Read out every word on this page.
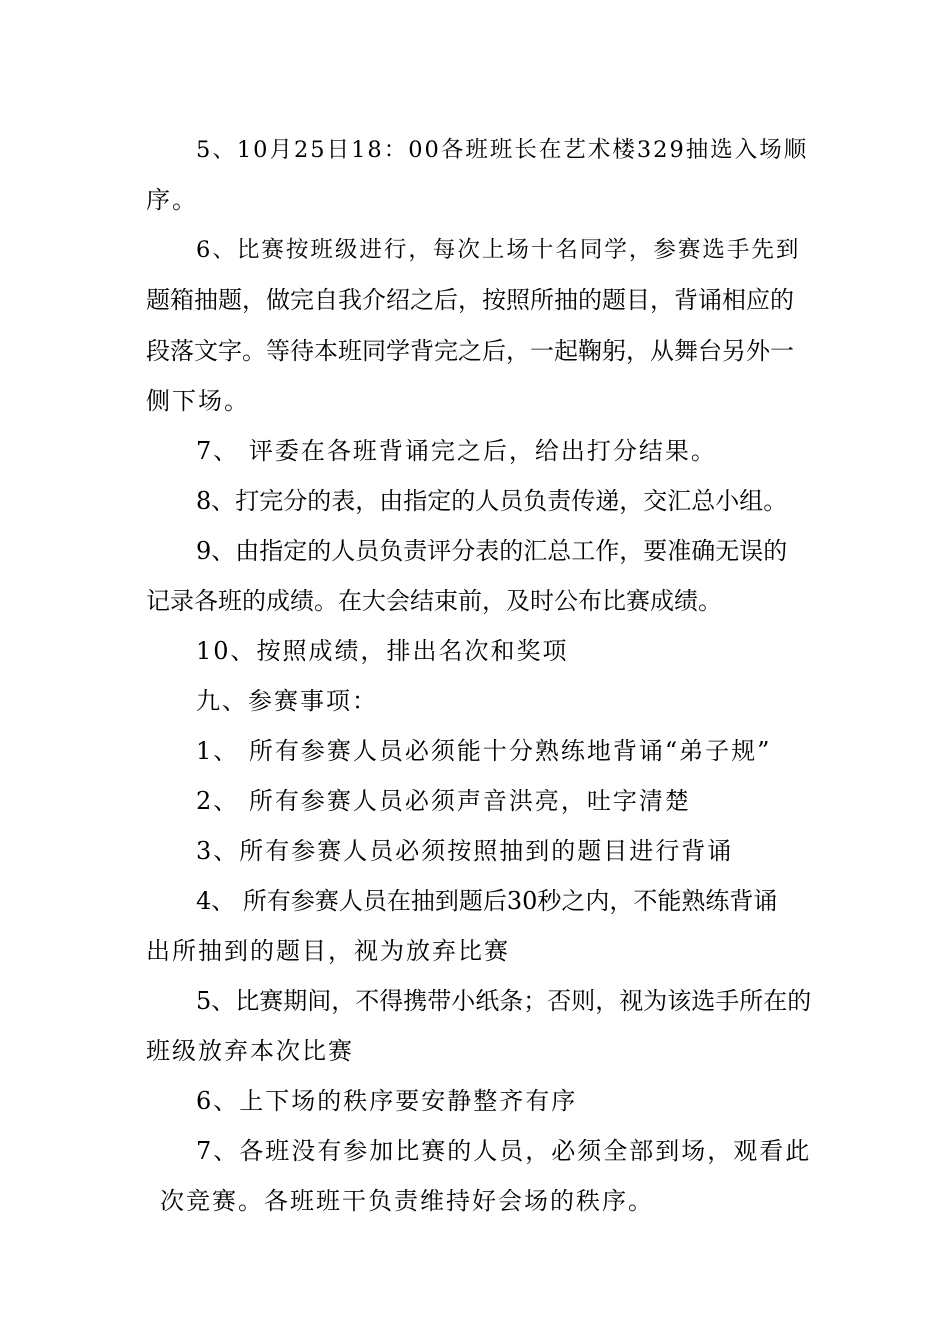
5、10月25日18：00各班班长在艺术楼329抽选入场顺
序。
6、比赛按班级进行，每次上场十名同学，参赛选手先到
题箱抽题，做完自我介绍之后，按照所抽的题目，背诵相应的
段落文字。等待本班同学背完之后，一起鞠躬，从舞台另外一
侧下场。
7、 评委在各班背诵完之后，给出打分结果。
8、打完分的表，由指定的人员负责传递，交汇总小组。
9、由指定的人员负责评分表的汇总工作，要准确无误的
记录各班的成绩。在大会结束前，及时公布比赛成绩。
10、按照成绩，排出名次和奖项
九、参赛事项：
1、 所有参赛人员必须能十分熟练地背诵“弟子规”
2、 所有参赛人员必须声音洪亮，吐字清楚
3、所有参赛人员必须按照抽到的题目进行背诵
4、 所有参赛人员在抽到题后30秒之内，不能熟练背诵
出所抽到的题目，视为放弃比赛
5、比赛期间，不得携带小纸条；否则，视为该选手所在的
班级放弃本次比赛
6、上下场的秩序要安静整齐有序
7、各班没有参加比赛的人员，必须全部到场，观看此
次竞赛。各班班干负责维持好会场的秩序。
